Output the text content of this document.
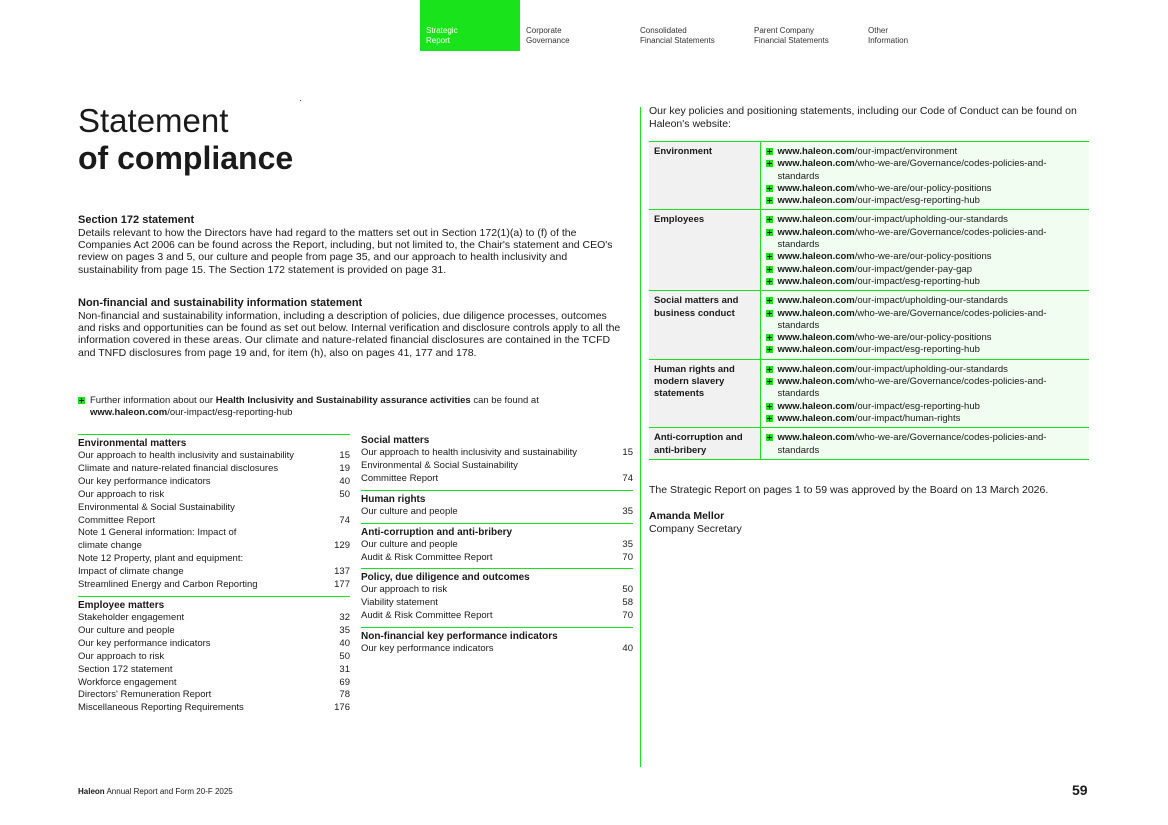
Strategic
Report
Corporate
Governance
Consolidated
Financial Statements
Parent Company
Financial Statements
Other
Information
Statement
of compliance
Section 172 statement

Details relevant to how the Directors have had regard to the matters set out in Section 172(1)(a) to (f) of the Companies Act 2006 can be found across the Report, including, but not limited to, the Chair's statement and CEO's review on pages 3 and 5, our culture and people from page 35, and our approach to health inclusivity and sustainability from page 15. The Section 172 statement is provided on page 31.

Non-financial and sustainability information statement

Non-financial and sustainability information, including a description of policies, due diligence processes, outcomes and risks and opportunities can be found as set out below. Internal verification and disclosure controls apply to all the information covered in these areas. Our climate and nature-related financial disclosures are contained in the TCFD and TNFD disclosures from page 19 and, for item (h), also on pages 41, 177 and 178.

Further information about our Health Inclusivity and Sustainability assurance activities can be found at
www.haleon.com/our-impact/esg-reporting-hub
Environmental matters
Our approach to health inclusivity and sustainability	15
Climate and nature-related financial disclosures	19
Our key performance indicators	40
Our approach to risk	50
Environmental & Social Sustainability Committee Report	74
Note 1 General information: Impact of climate change	129
Note 12 Property, plant and equipment: Impact of climate change	137
Streamlined Energy and Carbon Reporting	177
Employee matters
Stakeholder engagement	32
Our culture and people	35
Our key performance indicators	40
Our approach to risk	50
Section 172 statement	31
Workforce engagement	69
Directors' Remuneration Report	78
Miscellaneous Reporting Requirements	176
Social matters
Our approach to health inclusivity and sustainability	15
Environmental & Social Sustainability Committee Report	74
Human rights
Our culture and people	35
Anti-corruption and anti-bribery
Our culture and people	35
Audit & Risk Committee Report	70
Policy, due diligence and outcomes
Our approach to risk	50
Viability statement	58
Audit & Risk Committee Report	70
Non-financial key performance indicators
Our key performance indicators	40
Our key policies and positioning statements, including our Code of Conduct can be found on Haleon's website:
Environment	www.haleon.com/our-impact/environment
www.haleon.com/who-we-are/Governance/codes-policies-and-standards
www.haleon.com/who-we-are/our-policy-positions
www.haleon.com/our-impact/esg-reporting-hub

Employees	www.haleon.com/our-impact/upholding-our-standards
www.haleon.com/who-we-are/Governance/codes-policies-and-standards
www.haleon.com/who-we-are/our-policy-positions
www.haleon.com/our-impact/gender-pay-gap
www.haleon.com/our-impact/esg-reporting-hub

Social matters and business conduct	www.haleon.com/our-impact/upholding-our-standards
www.haleon.com/who-we-are/Governance/codes-policies-and-standards
www.haleon.com/who-we-are/our-policy-positions
www.haleon.com/our-impact/esg-reporting-hub

Human rights and modern slavery statements	www.haleon.com/our-impact/upholding-our-standards
www.haleon.com/who-we-are/Governance/codes-policies-and-standards
www.haleon.com/our-impact/esg-reporting-hub
www.haleon.com/our-impact/human-rights

Anti-corruption and anti-bribery	www.haleon.com/who-we-are/Governance/codes-policies-and-standards
The Strategic Report on pages 1 to 59 was approved by the Board on 13 March 2026.
Amanda Mellor
Company Secretary
Haleon Annual Report and Form 20-F 2025	59
